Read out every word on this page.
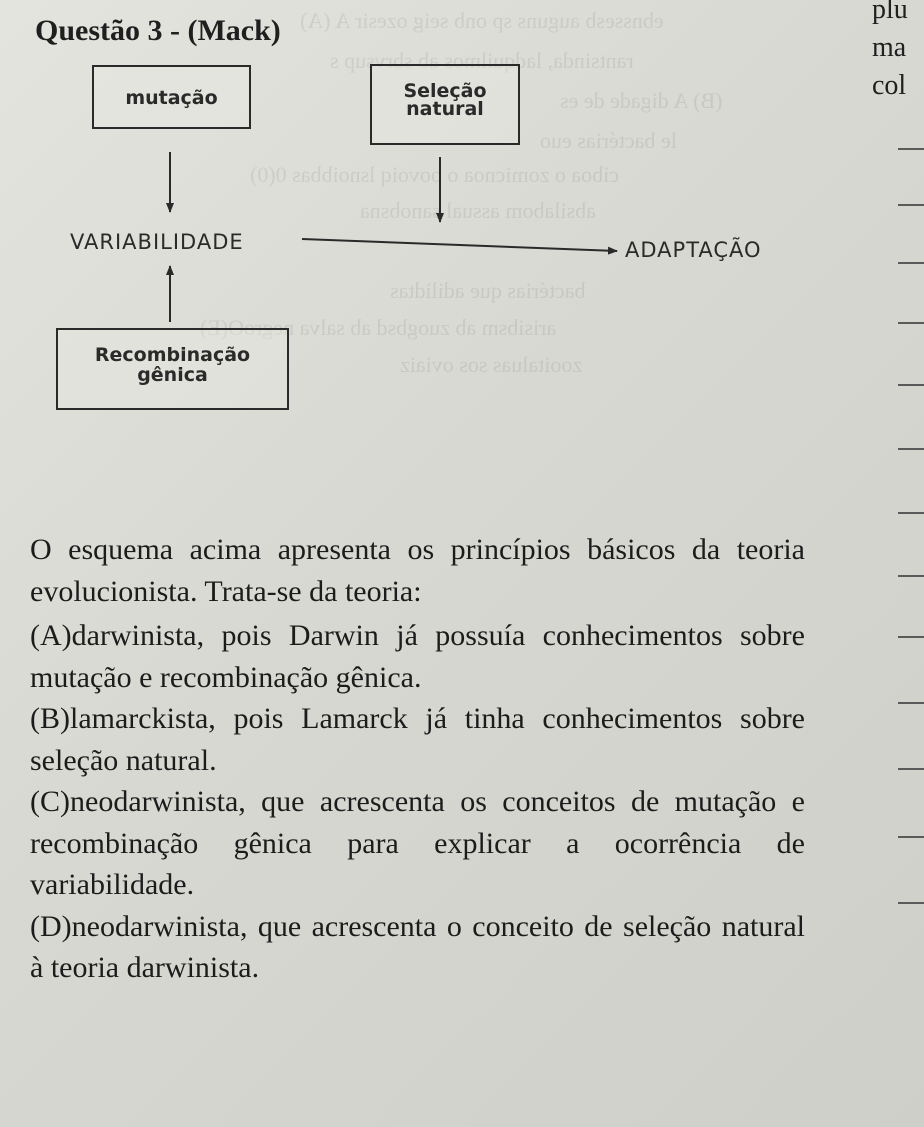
ebnssesb auguns sp onb seig ozesir A (A)
rantsinda, ladquilmos ab sbrvsup s
(B) A digade de es
le bactérias euo
ciboa o zomicnoa o oovoiq lsnoibbas 0(0)
absilabom assual sanobsna
bactérias que adilidtas
arisibsm ab zuogbsd ab salva negroO(E)
zooitaluas sos oviaiz
Questão 3 - (Mack)
plu
ma
col
mutação	Seleção
natural
VARIABILIDADE	ADAPTAÇÃO
Recombinação
gênica
O esquema acima apresenta os princípios básicos da teoria evolucionista. Trata-se da teoria:
(A)darwinista, pois Darwin já possuía conhecimentos sobre mutação e recombinação gênica.
(B)lamarckista, pois Lamarck já tinha conhecimentos sobre seleção natural.
(C)neodarwinista, que acrescenta os conceitos de mutação e recombinação gênica para explicar a ocorrência de variabilidade.
(D)neodarwinista, que acrescenta o conceito de seleção natural à teoria darwinista.
